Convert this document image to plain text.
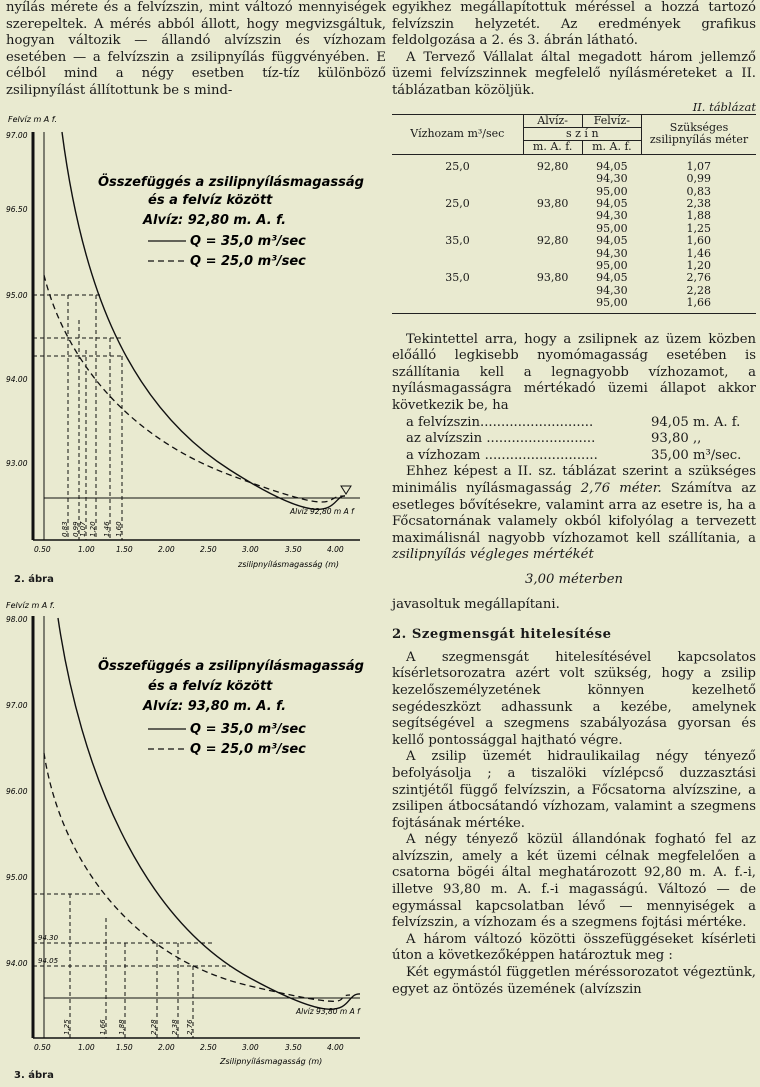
nyílás mérete és a felvízszin, mint változó mennyiségek szerepeltek. A mérés abból állott, hogy megvizsgáltuk, hogyan változik — állandó alvízszin és vízhozam esetében — a felvízszin a zsilipnyílás függvényében. E célból mind a négy esetben tíz-tíz különböző zsilipnyílást állítottunk be s mind-

Felvíz m A f.
97.00
96.50
95.00
94.00
93.00
Alvíz 92,80 m A f
0,83 0,99 1,07 1,20 1,46 1,60
0.50	1.00	1.50	2.00	2.50	3.00	3.50	4.00
zsilipnyílásmagasság (m)
Összefüggés a zsilipnyílásmagasság
és a felvíz között
Alvíz: 92,80 m. A. f.
Q = 35,0 m³/sec
Q = 25,0 m³/sec
2. ábra
Felvíz m A f.
98.00
97.00
96.00
95.00
94.00
94.30
94.05
Alvíz 93,80 m A f
1,25	1,66 1,88	2,28 2,38 2,76
0.50	1.00	1.50	2.00	2.50	3.00	3.50	4.00
Zsilipnyílásmagasság (m)
Összefüggés a zsilipnyílásmagasság
és a felvíz között
Alvíz: 93,80 m. A. f.
Q = 35,0 m³/sec
Q = 25,0 m³/sec
3. ábra

egyikhez megállapítottuk méréssel a hozzá tartozó felvízszin helyzetét. Az eredmények grafikus feldolgozása a 2. és 3. ábrán látható.

A Tervező Vállalat által megadott három jellemző üzemi felvízszinnek megfelelő nyílásméreteket a II. táblázatban közöljük.

II. táblázat
Vízhozam m³/sec	Alvíz-	Felvíz-	Szükséges zsilipnyílás méter
	s z í n		
	m. A. f.	m. A. f.	

25,0	92,80	94,05	1,07
		94,30	0,99
		95,00	0,83
25,0	93,80	94,05	2,38
		94,30	1,88
		95,00	1,25
35,0	92,80	94,05	1,60
		94,30	1,46
		95,00	1,20
35,0	93,80	94,05	2,76
		94,30	2,28
		95,00	1,66

Tekintettel arra, hogy a zsilipnek az üzem közben előálló legkisebb nyomómagasság esetében is szállítania kell a legnagyobb vízhozamot, a nyílásmagasságra mértékadó üzemi állapot akkor következik be, ha

a felvízszin...........................	94,05 m. A. f.
az alvízszin ..........................	93,80 ,,
a vízhozam ...........................	35,00 m³/sec.

Ehhez képest a II. sz. táblázat szerint a szükséges minimális nyílásmagasság 2,76 méter. Számítva az esetleges bővítésekre, valamint arra az esetre is, ha a Főcsatornának valamely okból kifolyólag a tervezett maximálisnál nagyobb vízhozamot kell szállítania, a zsilipnyílás végleges mértékét

3,00 méterben

javasoltuk megállapítani.

2. Szegmensgát hitelesítése

A szegmensgát hitelesítésével kapcsolatos kísérletsorozatra azért volt szükség, hogy a zsilip kezelőszemélyzetének könnyen kezelhető segédeszközt adhassunk a kezébe, amelynek segítségével a szegmens szabályozása gyorsan és kellő pontossággal hajtható végre.

A zsilip üzemét hidraulikailag négy tényező befolyásolja ; a tiszalöki vízlépcső duzzasztási szintjétől függő felvízszin, a Főcsatorna alvízszine, a zsilipen átbocsátandó vízhozam, valamint a szegmens fojtásának mértéke.

A négy tényező közül állandónak fogható fel az alvízszin, amely a két üzemi célnak megfelelően a csatorna bögéi által meghatározott 92,80 m. A. f.-i, illetve 93,80 m. A. f.-i magasságú. Változó — de egymással kapcsolatban lévő — mennyiségek a felvízszin, a vízhozam és a szegmens fojtási mértéke.

A három változó közötti összefüggéseket kísérleti úton a következőképpen határoztuk meg :

Két egymástól független méréssorozatot végeztünk, egyet az öntözés üzemének (alvízszin
